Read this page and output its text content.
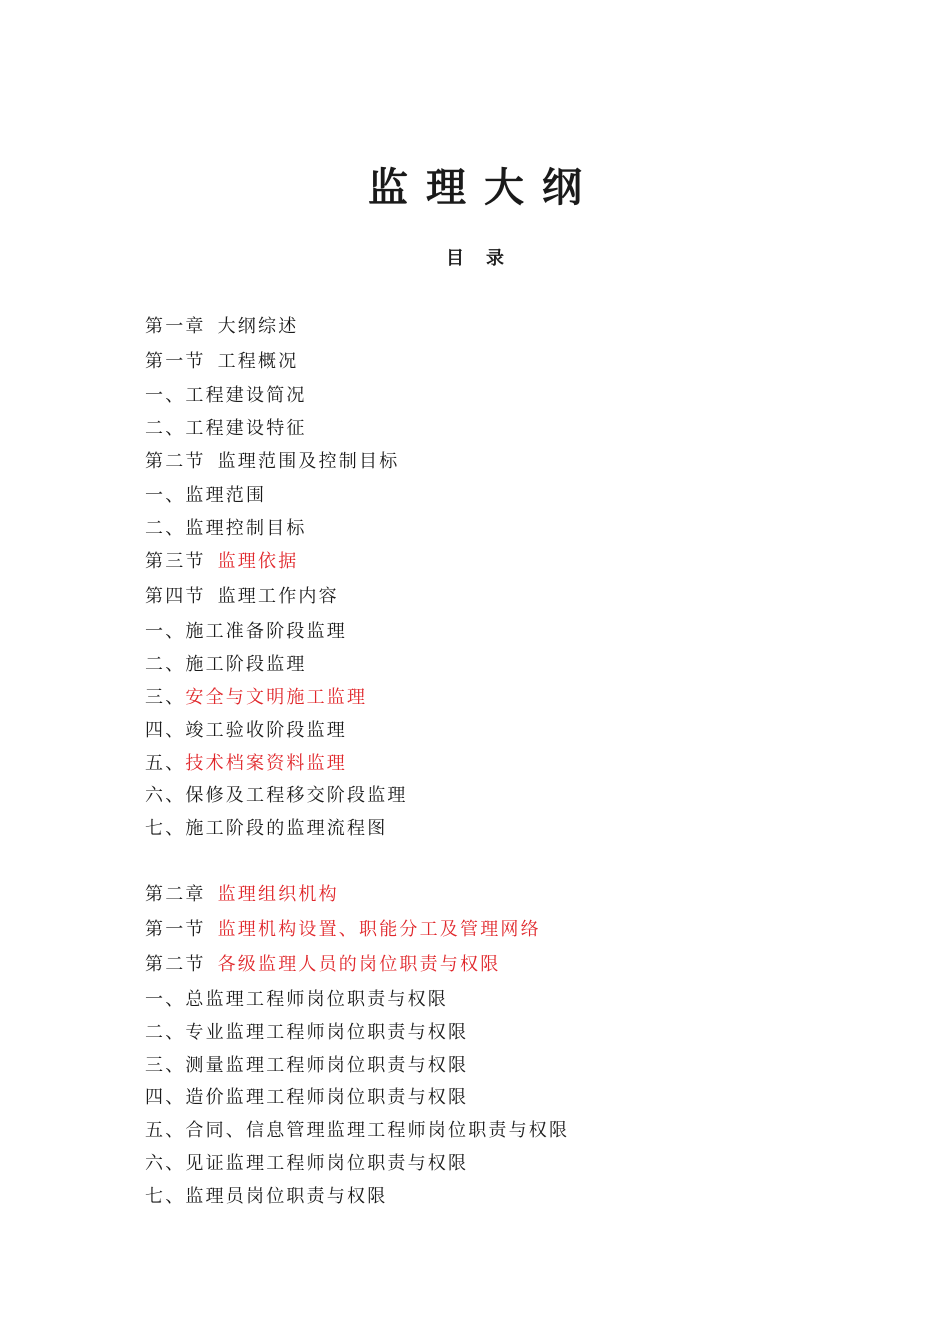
监理大纲
目 录
第一章 大纲综述
第一节 工程概况
一、工程建设简况
二、工程建设特征
第二节 监理范围及控制目标
一、监理范围
二、监理控制目标
第三节 监理依据
第四节 监理工作内容
一、施工准备阶段监理
二、施工阶段监理
三、安全与文明施工监理
四、竣工验收阶段监理
五、技术档案资料监理
六、保修及工程移交阶段监理
七、施工阶段的监理流程图
第二章 监理组织机构
第一节 监理机构设置、职能分工及管理网络
第二节 各级监理人员的岗位职责与权限
一、总监理工程师岗位职责与权限
二、专业监理工程师岗位职责与权限
三、测量监理工程师岗位职责与权限
四、造价监理工程师岗位职责与权限
五、合同、信息管理监理工程师岗位职责与权限
六、见证监理工程师岗位职责与权限
七、监理员岗位职责与权限
